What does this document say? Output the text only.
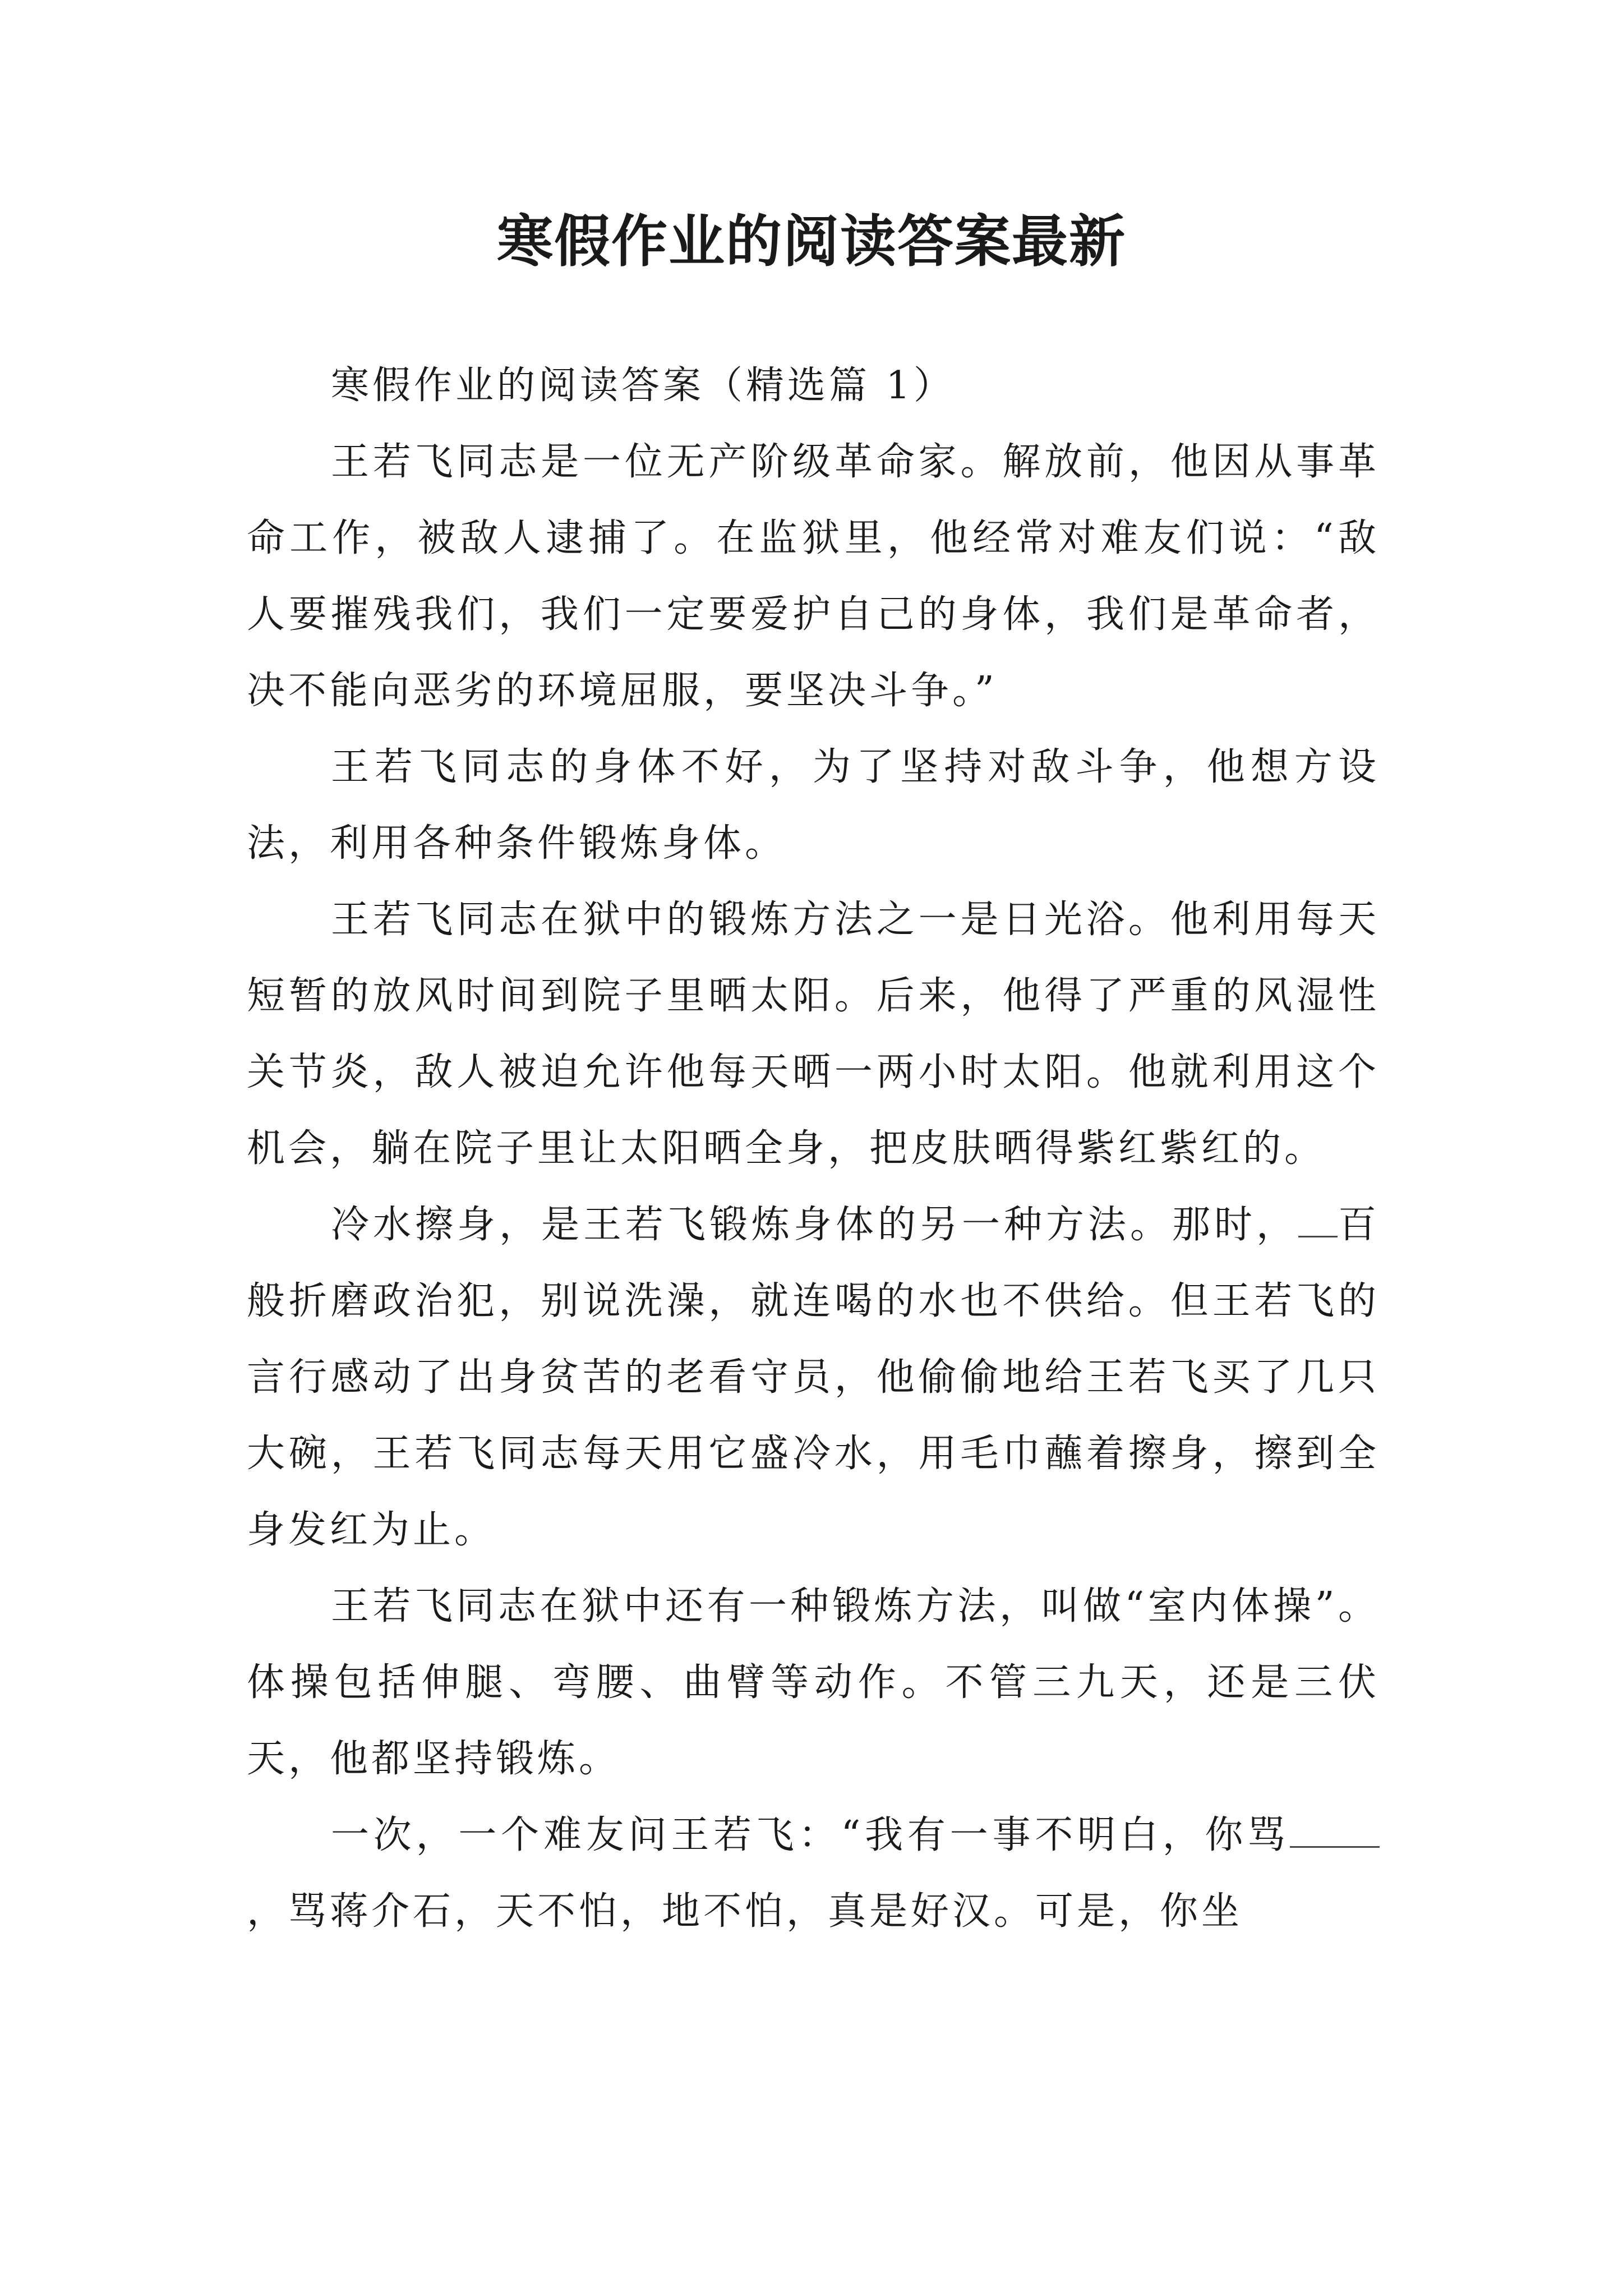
寒假作业的阅读答案最新

寒假作业的阅读答案（精选篇 1）

王若飞同志是一位无产阶级革命家。解放前，他因从事革命工作，被敌人逮捕了。在监狱里，他经常对难友们说：“敌人要摧残我们，我们一定要爱护自己的身体，我们是革命者，决不能向恶劣的环境屈服，要坚决斗争。”

王若飞同志的身体不好，为了坚持对敌斗争，他想方设法，利用各种条件锻炼身体。

王若飞同志在狱中的锻炼方法之一是日光浴。他利用每天短暂的放风时间到院子里晒太阳。后来，他得了严重的风湿性关节炎，敌人被迫允许他每天晒一两小时太阳。他就利用这个机会，躺在院子里让太阳晒全身，把皮肤晒得紫红紫红的。

冷水擦身，是王若飞锻炼身体的另一种方法。那时， 百般折磨政治犯，别说洗澡，就连喝的水也不供给。但王若飞的言行感动了出身贫苦的老看守员，他偷偷地给王若飞买了几只大碗，王若飞同志每天用它盛冷水，用毛巾蘸着擦身，擦到全身发红为止。

王若飞同志在狱中还有一种锻炼方法，叫做“室内体操”。体操包括伸腿、弯腰、曲臂等动作。不管三九天，还是三伏天，他都坚持锻炼。

一次，一个难友问王若飞：“我有一事不明白，你骂，骂蒋介石，天不怕，地不怕，真是好汉。可是，你坐
